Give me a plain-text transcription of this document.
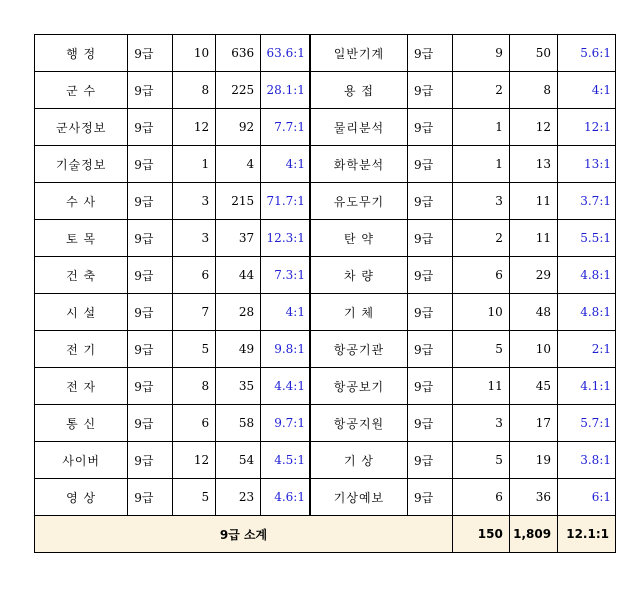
행 정	9급	10	636	63.6:1	일반기계	9급	9	50	5.6:1
군 수	9급	8	225	28.1:1	용 접	9급	2	8	4:1
군사정보	9급	12	92	7.7:1	물리분석	9급	1	12	12:1
기술정보	9급	1	4	4:1	화학분석	9급	1	13	13:1
수 사	9급	3	215	71.7:1	유도무기	9급	3	11	3.7:1
토 목	9급	3	37	12.3:1	탄 약	9급	2	11	5.5:1
건 축	9급	6	44	7.3:1	차 량	9급	6	29	4.8:1
시 설	9급	7	28	4:1	기 체	9급	10	48	4.8:1
전 기	9급	5	49	9.8:1	항공기관	9급	5	10	2:1
전 자	9급	8	35	4.4:1	항공보기	9급	11	45	4.1:1
통 신	9급	6	58	9.7:1	항공지원	9급	3	17	5.7:1
사이버	9급	12	54	4.5:1	기 상	9급	5	19	3.8:1
영 상	9급	5	23	4.6:1	기상예보	9급	6	36	6:1
9급 소계							150	1,809	12.1:1
